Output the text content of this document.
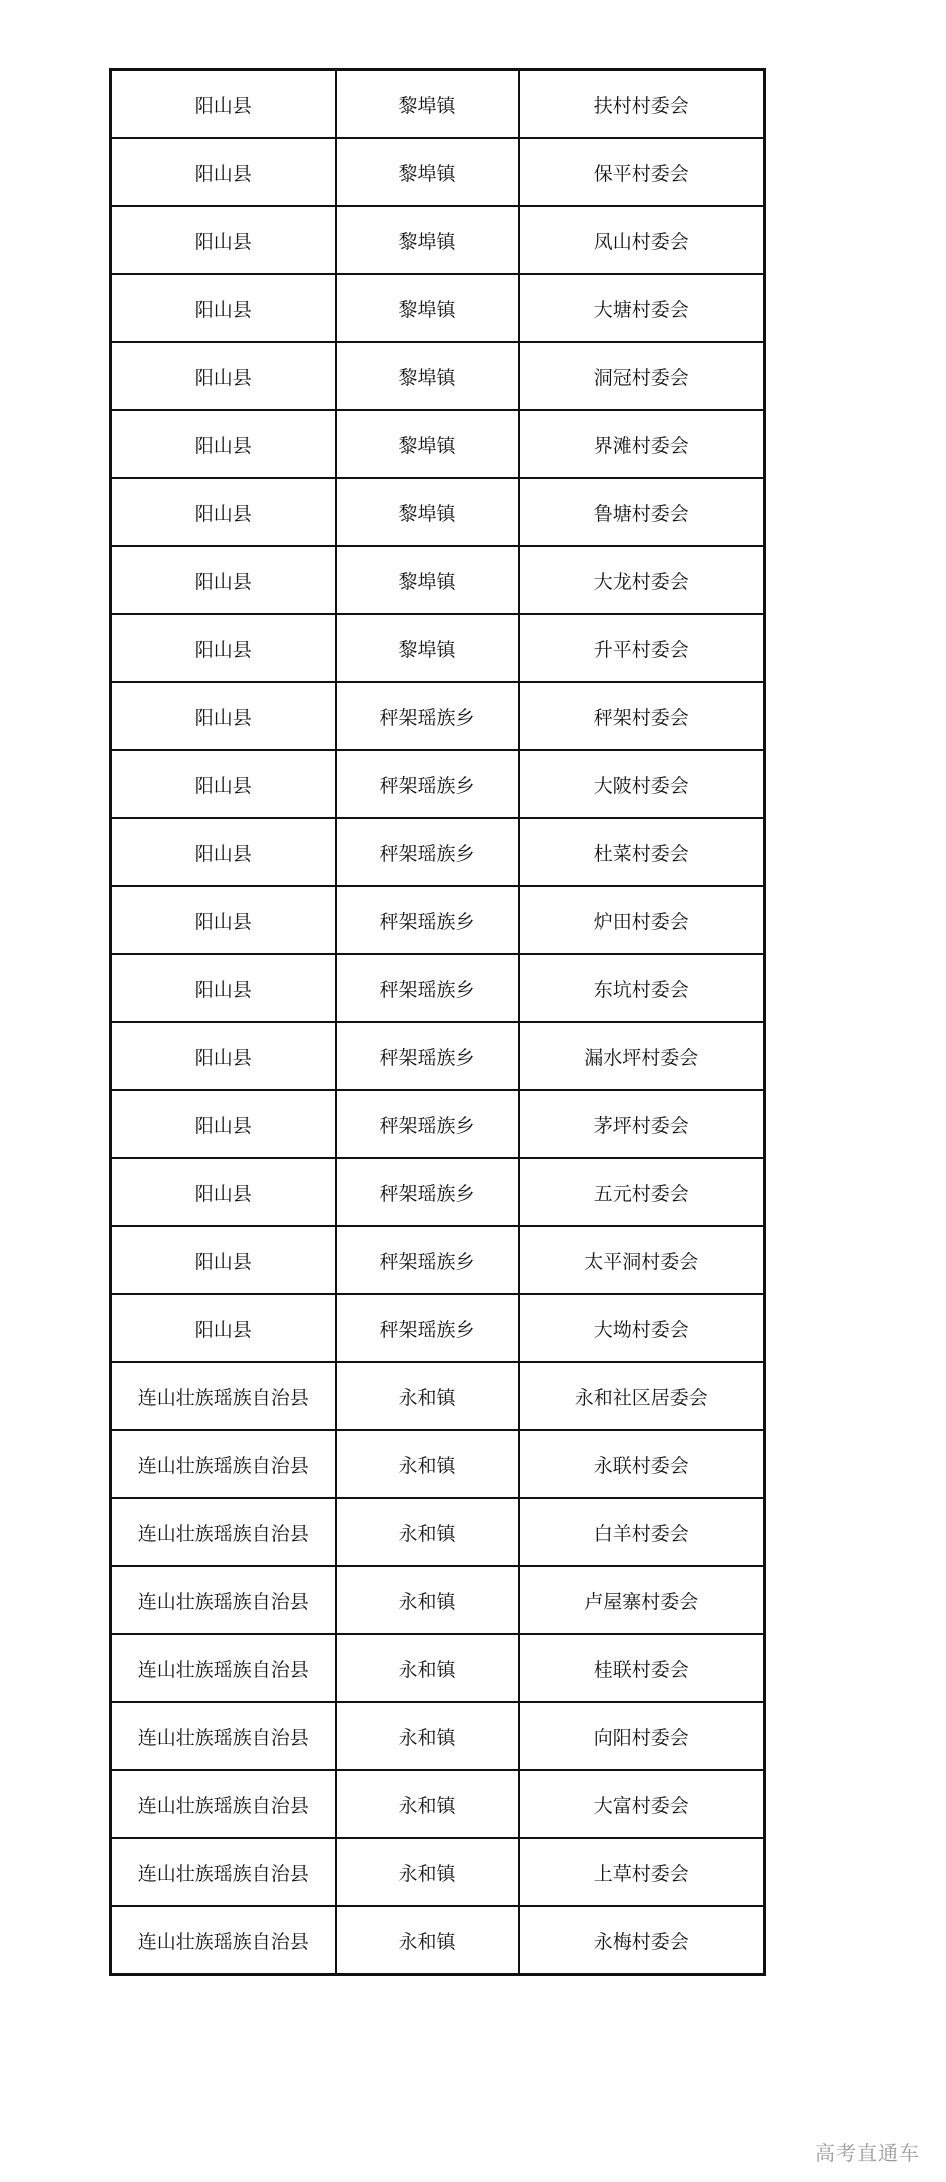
阳山县	黎埠镇	扶村村委会
阳山县	黎埠镇	保平村委会
阳山县	黎埠镇	凤山村委会
阳山县	黎埠镇	大塘村委会
阳山县	黎埠镇	洞冠村委会
阳山县	黎埠镇	界滩村委会
阳山县	黎埠镇	鲁塘村委会
阳山县	黎埠镇	大龙村委会
阳山县	黎埠镇	升平村委会
阳山县	秤架瑶族乡	秤架村委会
阳山县	秤架瑶族乡	大陂村委会
阳山县	秤架瑶族乡	杜菜村委会
阳山县	秤架瑶族乡	炉田村委会
阳山县	秤架瑶族乡	东坑村委会
阳山县	秤架瑶族乡	漏水坪村委会
阳山县	秤架瑶族乡	茅坪村委会
阳山县	秤架瑶族乡	五元村委会
阳山县	秤架瑶族乡	太平洞村委会
阳山县	秤架瑶族乡	大坳村委会
连山壮族瑶族自治县	永和镇	永和社区居委会
连山壮族瑶族自治县	永和镇	永联村委会
连山壮族瑶族自治县	永和镇	白羊村委会
连山壮族瑶族自治县	永和镇	卢屋寨村委会
连山壮族瑶族自治县	永和镇	桂联村委会
连山壮族瑶族自治县	永和镇	向阳村委会
连山壮族瑶族自治县	永和镇	大富村委会
连山壮族瑶族自治县	永和镇	上草村委会
连山壮族瑶族自治县	永和镇	永梅村委会
高考直通车
